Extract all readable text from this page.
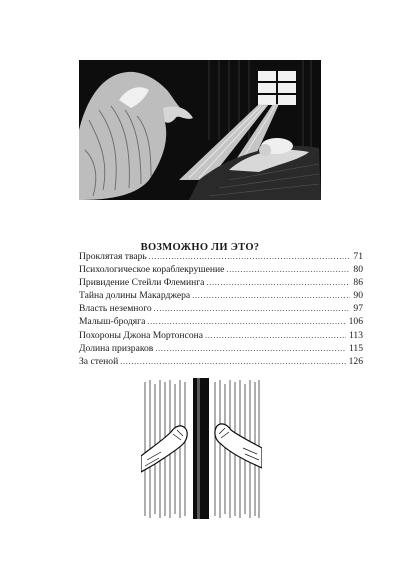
ВОЗМОЖНО ЛИ ЭТО?
Проклятая тварь . . .	71
Психологическое кораблекрушение . . .	80
Привидение Стейли Флеминга . . .	86
Тайна долины Макарджера . . .	90
Власть неземного . . .	97
Малыш-бродяга . . .	106
Похороны Джона Мортонсона . . .	113
Долина призраков . . .	115
За стеной . . .	126
